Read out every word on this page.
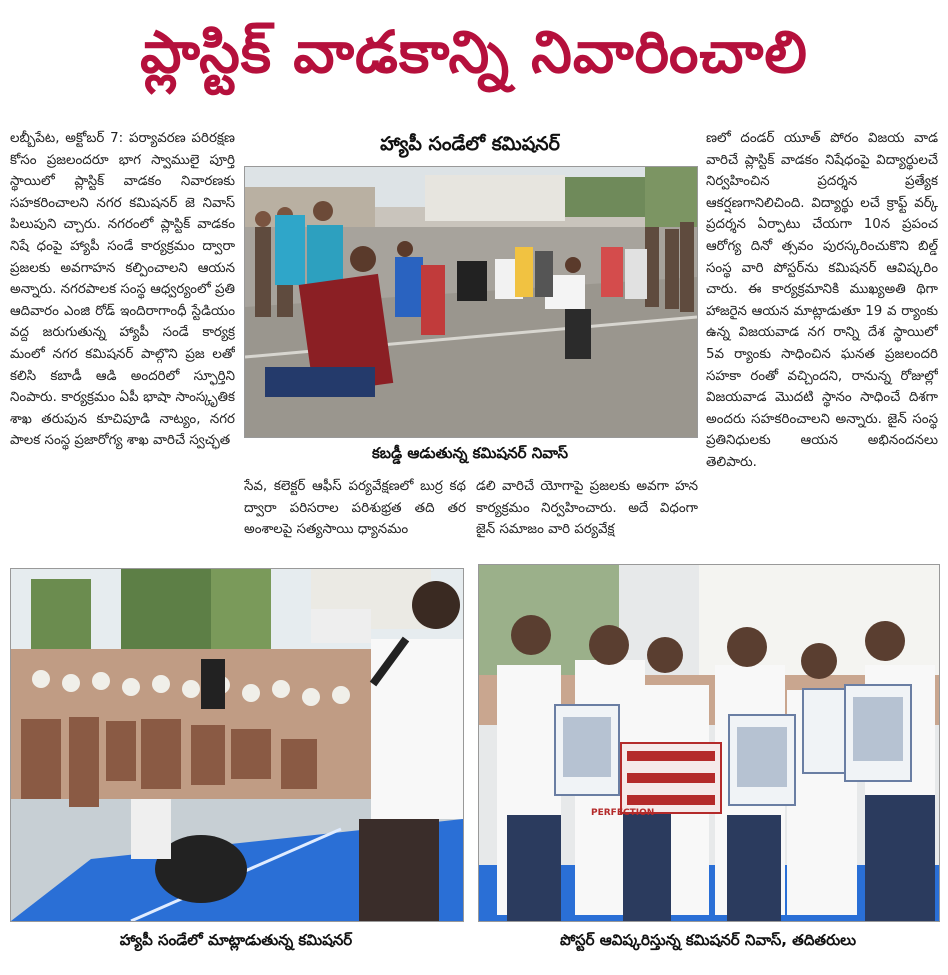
ప్లాస్టిక్ వాడకాన్ని నివారించాలి
లబ్బీపేట, అక్టోబర్ 7: పర్యావరణ పరిరక్షణ కోసం ప్రజలందరూ భాగ స్వాములై పూర్తి స్థాయిలో ప్లాస్టిక్ వాడకం నివారణకు సహకరించాలని నగర కమిషనర్ జె నివాస్ పిలుపుని చ్చారు. నగరంలో ప్లాస్టిక్ వాడకం నిషే ధంపై హ్యాపీ సండే కార్యక్రమం ద్వారా ప్రజలకు అవగాహన కల్పించాలని ఆయన అన్నారు. నగరపాలక సంస్థ ఆధ్వర్యంలో ప్రతి ఆదివారం ఎంజి రోడ్ ఇందిరాగాంధీ స్టేడియం వద్ద జరుగుతున్న హ్యాపీ సండే కార్యక్ర మంలో నగర కమిషనర్ పాల్గొని ప్రజ లతో కలిసి కబాడీ ఆడి అందరిలో స్ఫూర్తిని నింపారు. కార్యక్రమం ఏపీ భాషా సాంస్కృతిక శాఖ తరుపున కూచిపూడి నాట్యం, నగర పాలక సంస్థ ప్రజారోగ్య శాఖ వారిచే స్వచ్ఛత
హ్యాపీ సండేలో కమిషనర్
కబడ్డీ ఆడుతున్న కమిషనర్ నివాస్
సేవ, కలెక్టర్ ఆఫీస్ పర్యవేక్షణలో బుర్ర కథ ద్వారా పరిసరాల పరిశుభ్రత తది తర అంశాలపై సత్యసాయి ధ్యానమం
డలి వారిచే యోగాపై ప్రజలకు అవగా హన కార్యక్రమం నిర్వహించారు. అదే విధంగా జైన్ సమాజం వారి పర్యవేక్ష
ణలో దండర్ యూత్ పోరం విజయ వాడ వారిచే ప్లాస్టిక్ వాడకం నిషేధంపై విద్యార్థులచే నిర్వహించిన ప్రదర్శన ప్రత్యేక ఆకర్షణగానిలిచింది. విద్యార్థు లచే క్రాఫ్ట్ వర్క్ ప్రదర్శన ఏర్పాటు చేయగా 10న ప్రపంచ ఆరోగ్య దినో త్సవం పురస్కరించుకొని బిల్డ్ సంస్థ వారి పోస్టర్‌ను కమిషనర్ ఆవిష్కరిం చారు. ఈ కార్యక్రమానికి ముఖ్యఅతి థిగా హాజరైన ఆయన మాట్లాడుతూ 19 వ ర్యాంకు ఉన్న విజయవాడ నగ రాన్ని దేశ స్థాయిలో 5వ ర్యాంకు సాధించిన ఘనత ప్రజలందరి సహకా రంతో వచ్చిందని, రానున్న రోజుల్లో విజయవాడ మొదటి స్థానం సాధించే దిశగా అందరు సహకరించాలని అన్నారు. జైన్ సంస్థ ప్రతినిధులకు ఆయన అభినందనలు తెలిపారు.
హ్యాపీ సండేలో మాట్లాడుతున్న కమిషనర్
PERFECTION
పోస్టర్ ఆవిష్కరిస్తున్న కమిషనర్ నివాస్, తదితరులు
